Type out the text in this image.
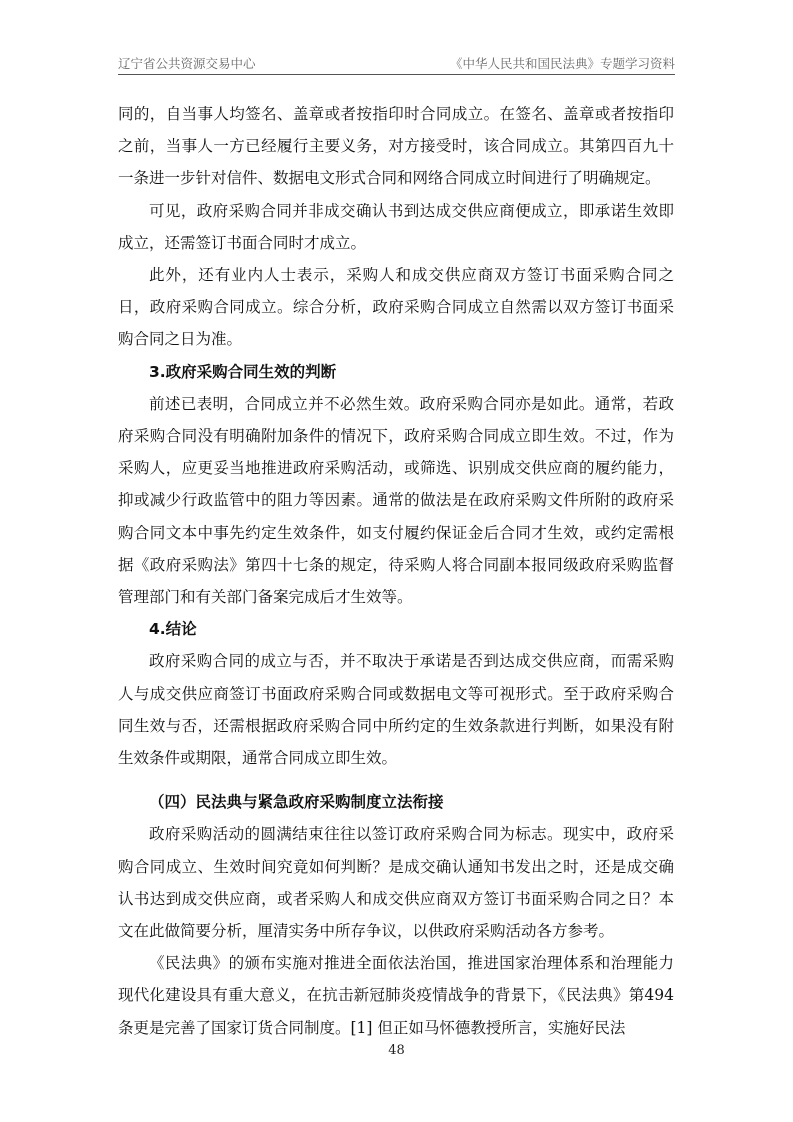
辽宁省公共资源交易中心	《中华人民共和国民法典》专题学习资料

同的，自当事人均签名、盖章或者按指印时合同成立。在签名、盖章或者按指印之前，当事人一方已经履行主要义务，对方接受时，该合同成立。其第四百九十一条进一步针对信件、数据电文形式合同和网络合同成立时间进行了明确规定。

可见，政府采购合同并非成交确认书到达成交供应商便成立，即承诺生效即成立，还需签订书面合同时才成立。

此外，还有业内人士表示，采购人和成交供应商双方签订书面采购合同之日，政府采购合同成立。综合分析，政府采购合同成立自然需以双方签订书面采购合同之日为准。

3.政府采购合同生效的判断

前述已表明，合同成立并不必然生效。政府采购合同亦是如此。通常，若政府采购合同没有明确附加条件的情况下，政府采购合同成立即生效。不过，作为采购人，应更妥当地推进政府采购活动，或筛选、识别成交供应商的履约能力，抑或减少行政监管中的阻力等因素。通常的做法是在政府采购文件所附的政府采购合同文本中事先约定生效条件，如支付履约保证金后合同才生效，或约定需根据《政府采购法》第四十七条的规定，待采购人将合同副本报同级政府采购监督管理部门和有关部门备案完成后才生效等。

4.结论

政府采购合同的成立与否，并不取决于承诺是否到达成交供应商，而需采购人与成交供应商签订书面政府采购合同或数据电文等可视形式。至于政府采购合同生效与否，还需根据政府采购合同中所约定的生效条款进行判断，如果没有附生效条件或期限，通常合同成立即生效。

（四）民法典与紧急政府采购制度立法衔接

政府采购活动的圆满结束往往以签订政府采购合同为标志。现实中，政府采购合同成立、生效时间究竟如何判断？是成交确认通知书发出之时，还是成交确认书达到成交供应商，或者采购人和成交供应商双方签订书面采购合同之日？本文在此做简要分析，厘清实务中所存争议，以供政府采购活动各方参考。

《民法典》的颁布实施对推进全面依法治国，推进国家治理体系和治理能力现代化建设具有重大意义，在抗击新冠肺炎疫情战争的背景下，《民法典》第494条更是完善了国家订货合同制度。[1] 但正如马怀德教授所言，实施好民法

48
